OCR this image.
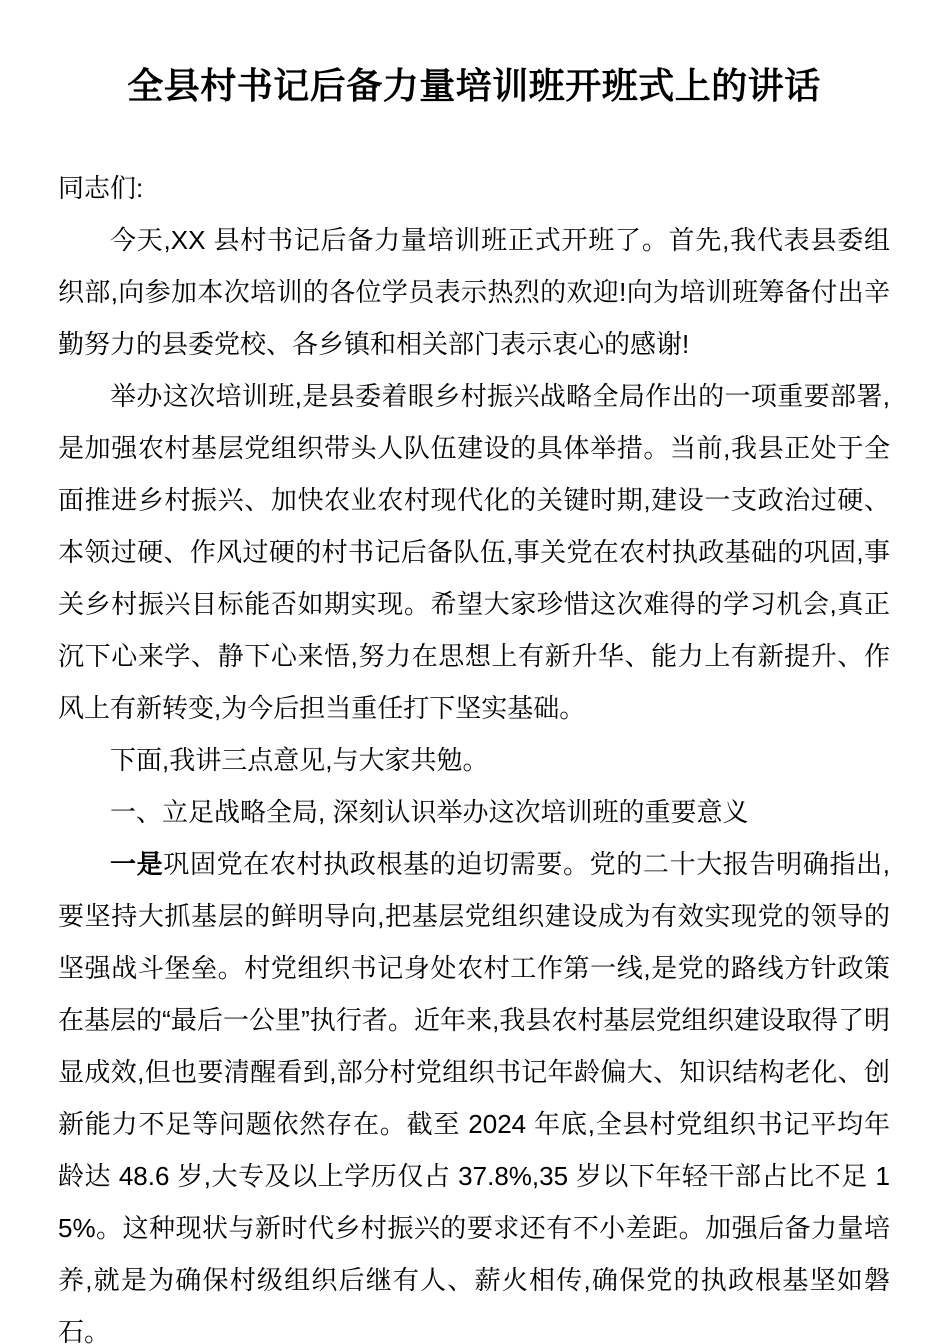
全县村书记后备力量培训班开班式上的讲话

同志们:

今天,XX 县村书记后备力量培训班正式开班了。首先,我代表县委组织部,向参加本次培训的各位学员表示热烈的欢迎!向为培训班筹备付出辛勤努力的县委党校、各乡镇和相关部门表示衷心的感谢!

举办这次培训班,是县委着眼乡村振兴战略全局作出的一项重要部署,是加强农村基层党组织带头人队伍建设的具体举措。当前,我县正处于全面推进乡村振兴、加快农业农村现代化的关键时期,建设一支政治过硬、本领过硬、作风过硬的村书记后备队伍,事关党在农村执政基础的巩固,事关乡村振兴目标能否如期实现。希望大家珍惜这次难得的学习机会,真正沉下心来学、静下心来悟,努力在思想上有新升华、能力上有新提升、作风上有新转变,为今后担当重任打下坚实基础。

下面,我讲三点意见,与大家共勉。

一、立足战略全局, 深刻认识举办这次培训班的重要意义

一是巩固党在农村执政根基的迫切需要。党的二十大报告明确指出,要坚持大抓基层的鲜明导向,把基层党组织建设成为有效实现党的领导的坚强战斗堡垒。村党组织书记身处农村工作第一线,是党的路线方针政策在基层的“最后一公里”执行者。近年来,我县农村基层党组织建设取得了明显成效,但也要清醒看到,部分村党组织书记年龄偏大、知识结构老化、创新能力不足等问题依然存在。截至 2024 年底,全县村党组织书记平均年龄达 48.6 岁,大专及以上学历仅占 37.8%,35 岁以下年轻干部占比不足 15%。这种现状与新时代乡村振兴的要求还有不小差距。加强后备力量培养,就是为确保村级组织后继有人、薪火相传,确保党的执政根基坚如磐石。
